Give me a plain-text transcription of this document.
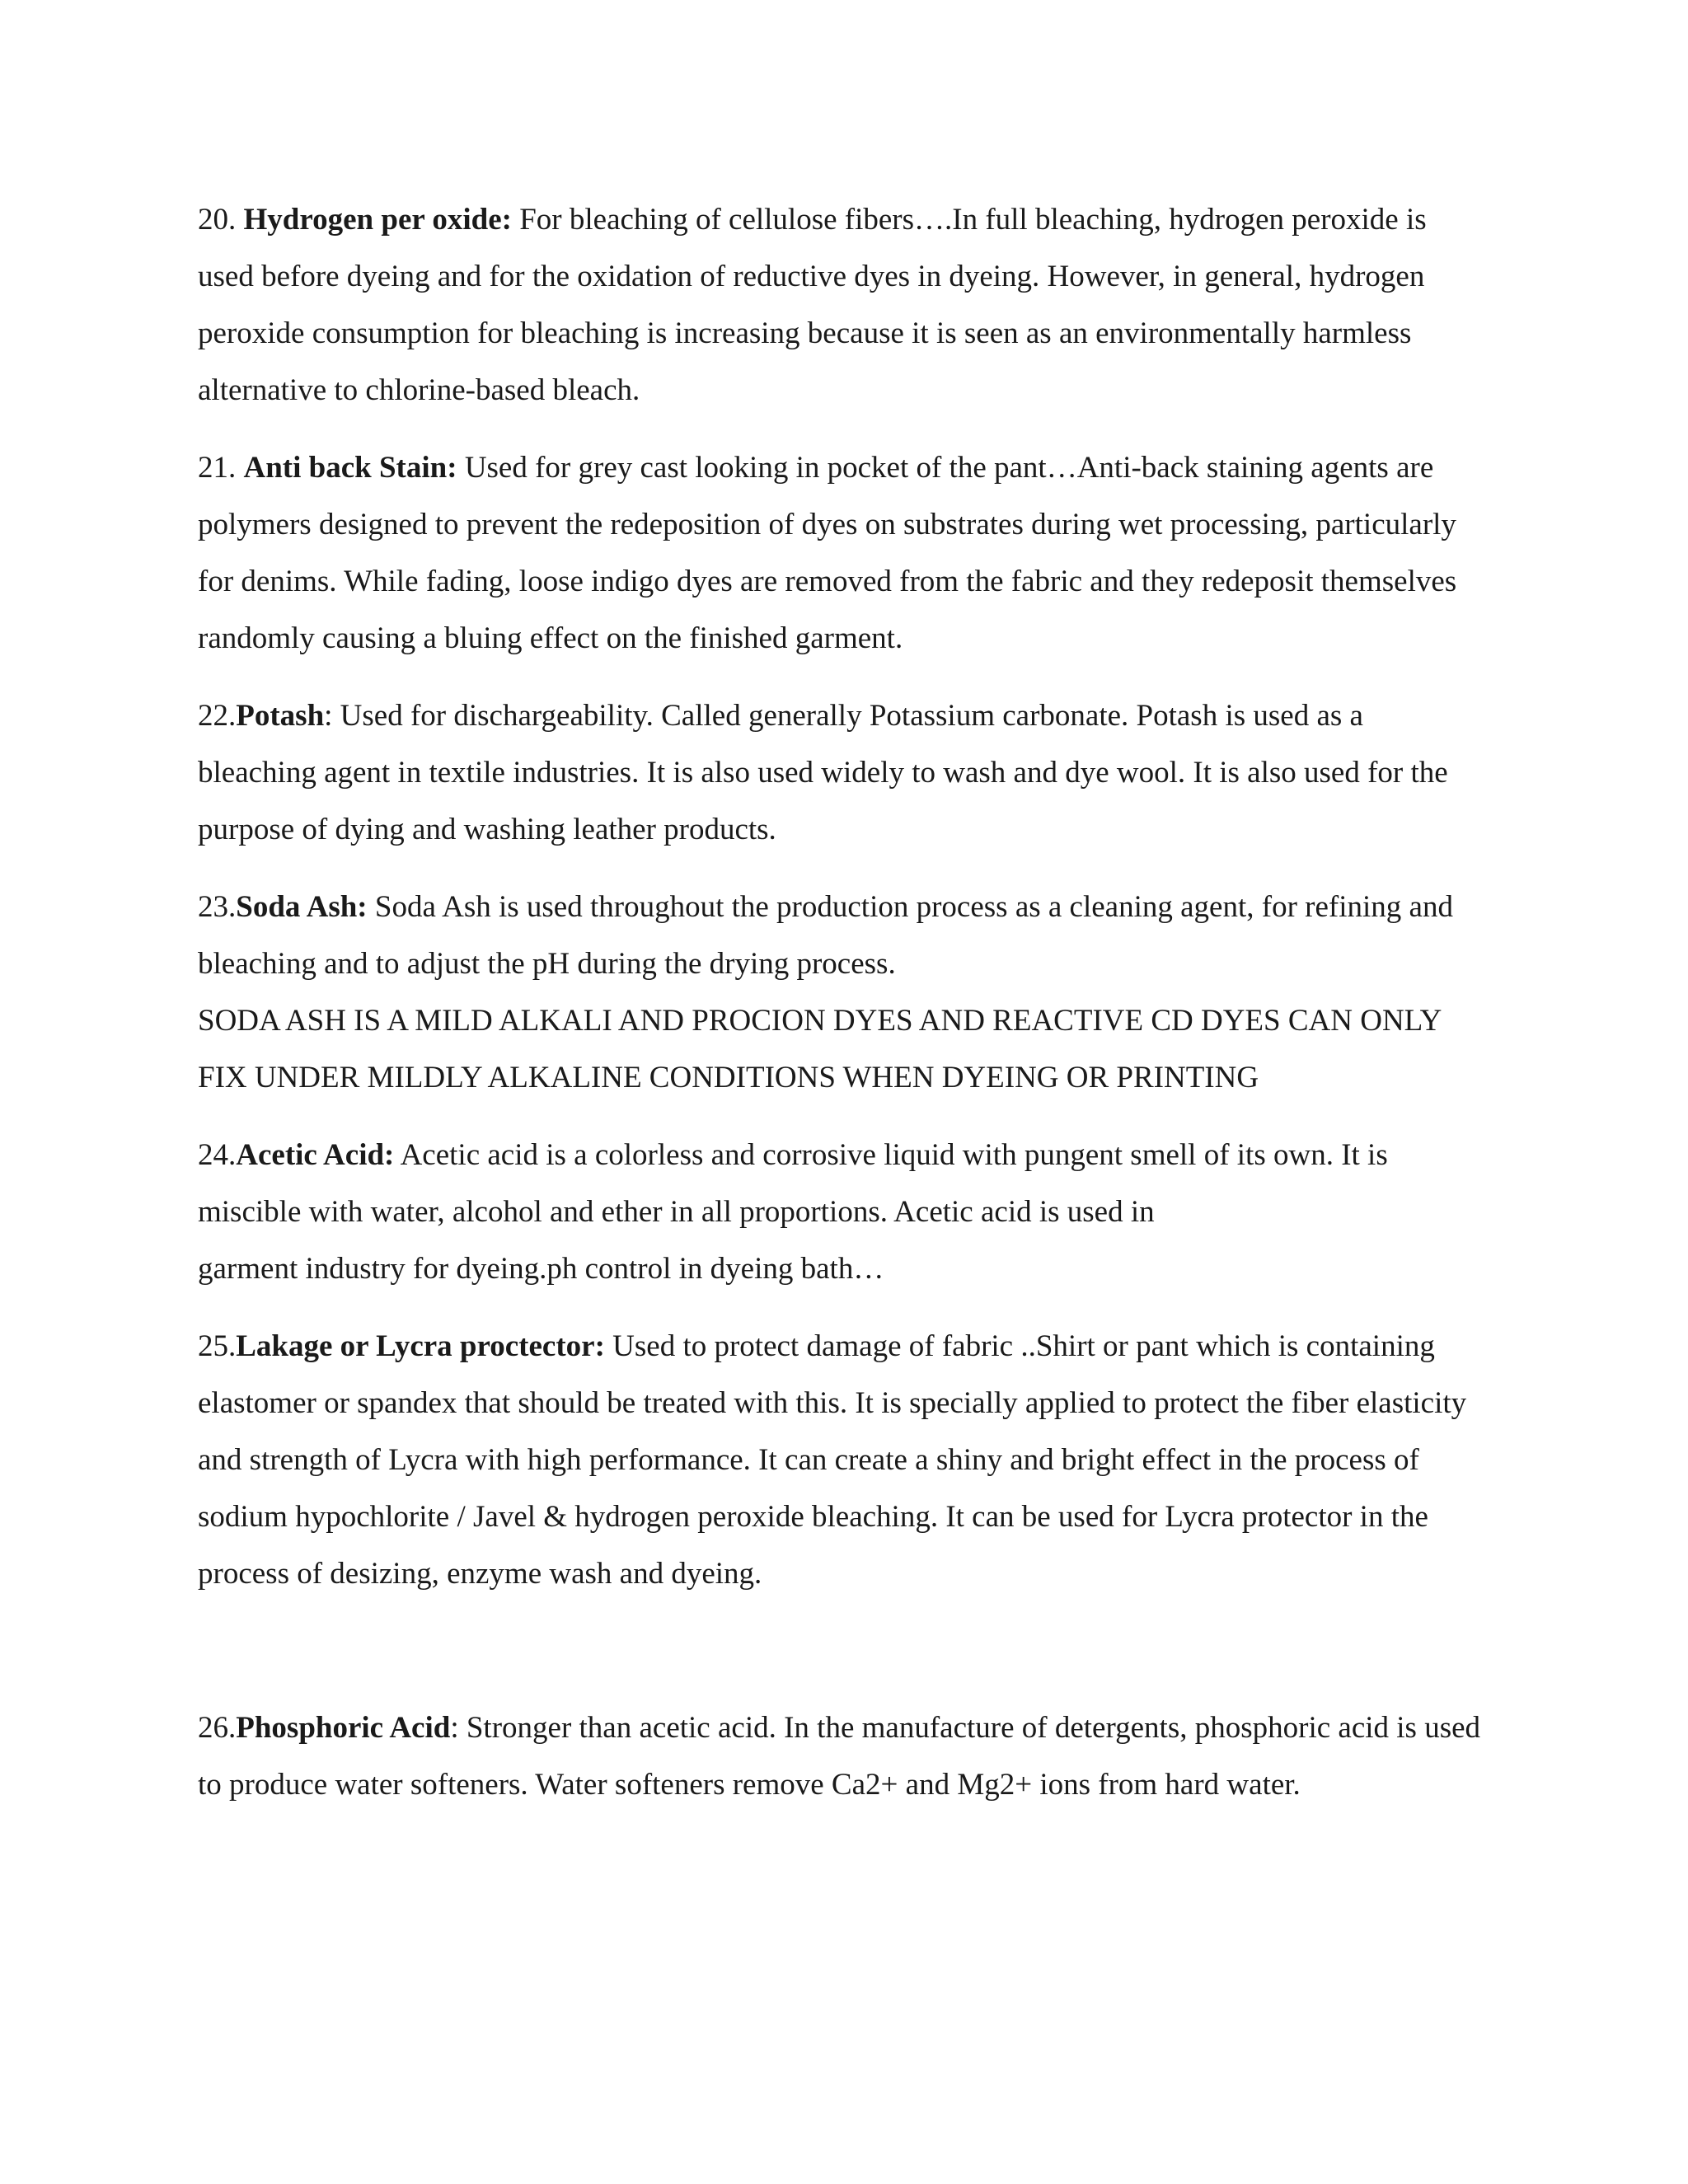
20. Hydrogen per oxide: For bleaching of cellulose fibers….In full bleaching, hydrogen peroxide is used before dyeing and for the oxidation of reductive dyes in dyeing. However, in general, hydrogen peroxide consumption for bleaching is increasing because it is seen as an environmentally harmless alternative to chlorine-based bleach.

21. Anti back Stain: Used for grey cast looking in pocket of the pant…Anti-back staining agents are polymers designed to prevent the redeposition of dyes on substrates during wet processing, particularly for denims. While fading, loose indigo dyes are removed from the fabric and they redeposit themselves randomly causing a bluing effect on the finished garment.

22.Potash: Used for dischargeability. Called generally Potassium carbonate. Potash is used as a bleaching agent in textile industries. It is also used widely to wash and dye wool. It is also used for the purpose of dying and washing leather products.

23.Soda Ash: Soda Ash is used throughout the production process as a cleaning agent, for refining and bleaching and to adjust the pH during the drying process.
SODA ASH IS A MILD ALKALI AND PROCION DYES AND REACTIVE CD DYES CAN ONLY FIX UNDER MILDLY ALKALINE CONDITIONS WHEN DYEING OR PRINTING

24.Acetic Acid: Acetic acid is a colorless and corrosive liquid with pungent smell of its own. It is miscible with water, alcohol and ether in all proportions. Acetic acid is used in
garment industry for dyeing.ph control in dyeing bath…

25.Lakage or Lycra proctector: Used to protect damage of fabric ..Shirt or pant which is containing elastomer or spandex that should be treated with this. It is specially applied to protect the fiber elasticity and strength of Lycra with high performance. It can create a shiny and bright effect in the process of sodium hypochlorite / Javel & hydrogen peroxide bleaching. It can be used for Lycra protector in the process of desizing, enzyme wash and dyeing.

26.Phosphoric Acid: Stronger than acetic acid. In the manufacture of detergents, phosphoric acid is used to produce water softeners. Water softeners remove Ca2+ and Mg2+ ions from hard water.
